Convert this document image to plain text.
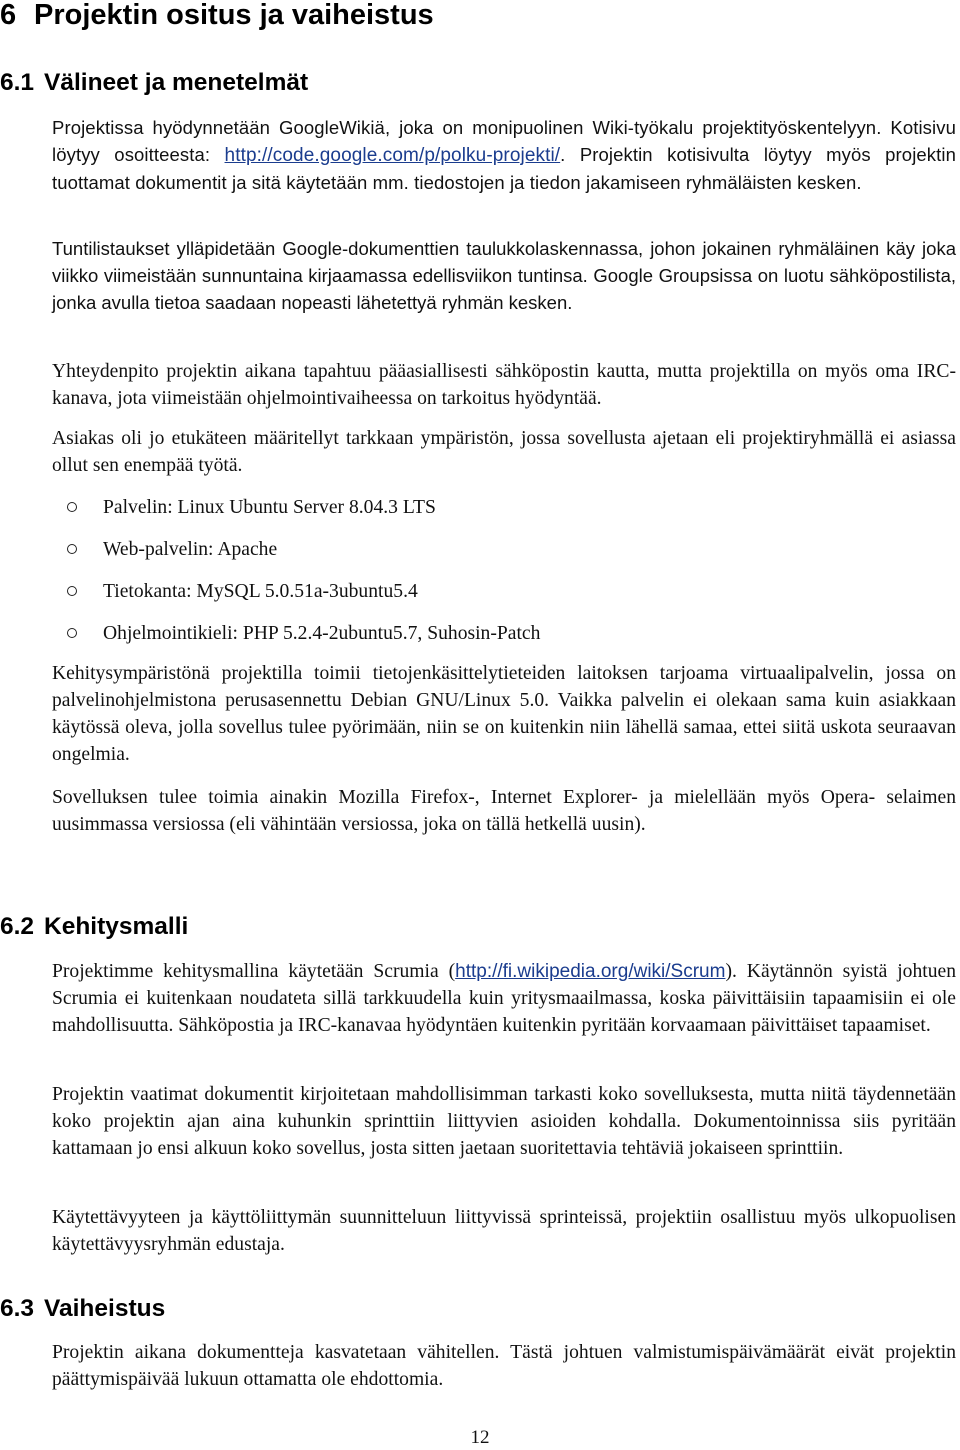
6 Projektin ositus ja vaiheistus
6.1 Välineet ja menetelmät

Projektissa hyödynnetään GoogleWikiä, joka on monipuolinen Wiki-työkalu projektityöskentelyyn. Kotisivu löytyy osoitteesta: http://code.google.com/p/polku-projekti/. Projektin kotisivulta löytyy myös projektin tuottamat dokumentit ja sitä käytetään mm. tiedostojen ja tiedon jakamiseen ryhmäläisten kesken.

Tuntilistaukset ylläpidetään Google-dokumenttien taulukkolaskennassa, johon jokainen ryhmäläinen käy joka viikko viimeistään sunnuntaina kirjaamassa edellisviikon tuntinsa. Google Groupsissa on luotu sähköpostilista, jonka avulla tietoa saadaan nopeasti lähetettyä ryhmän kesken.

Yhteydenpito projektin aikana tapahtuu pääasiallisesti sähköpostin kautta, mutta projektilla on myös oma IRC-kanava, jota viimeistään ohjelmointivaiheessa on tarkoitus hyödyntää.

Asiakas oli jo etukäteen määritellyt tarkkaan ympäristön, jossa sovellusta ajetaan eli projektiryhmällä ei asiassa ollut sen enempää työtä.

Palvelin: Linux Ubuntu Server 8.04.3 LTS
Web-palvelin: Apache
Tietokanta: MySQL 5.0.51a-3ubuntu5.4
Ohjelmointikieli: PHP 5.2.4-2ubuntu5.7, Suhosin-Patch

Kehitysympäristönä projektilla toimii tietojenkäsittelytieteiden laitoksen tarjoama virtuaalipalvelin, jossa on palvelinohjelmistona perusasennettu Debian GNU/Linux 5.0. Vaikka palvelin ei olekaan sama kuin asiakkaan käytössä oleva, jolla sovellus tulee pyörimään, niin se on kuitenkin niin lähellä samaa, ettei siitä uskota seuraavan ongelmia.

Sovelluksen tulee toimia ainakin Mozilla Firefox-, Internet Explorer- ja mielellään myös Opera- selaimen uusimmassa versiossa (eli vähintään versiossa, joka on tällä hetkellä uusin).

6.2 Kehitysmalli

Projektimme kehitysmallina käytetään Scrumia (http://fi.wikipedia.org/wiki/Scrum). Käytännön syistä johtuen Scrumia ei kuitenkaan noudateta sillä tarkkuudella kuin yritysmaailmassa, koska päivittäisiin tapaamisiin ei ole mahdollisuutta. Sähköpostia ja IRC-kanavaa hyödyntäen kuitenkin pyritään korvaamaan päivittäiset tapaamiset.

Projektin vaatimat dokumentit kirjoitetaan mahdollisimman tarkasti koko sovelluksesta, mutta niitä täydennetään koko projektin ajan aina kuhunkin sprinttiin liittyvien asioiden kohdalla. Dokumentoinnissa siis pyritään kattamaan jo ensi alkuun koko sovellus, josta sitten jaetaan suoritettavia tehtäviä jokaiseen sprinttiin.

Käytettävyyteen ja käyttöliittymän suunnitteluun liittyvissä sprinteissä, projektiin osallistuu myös ulkopuolisen käytettävyysryhmän edustaja.

6.3 Vaiheistus

Projektin aikana dokumentteja kasvatetaan vähitellen. Tästä johtuen valmistumispäivämäärät eivät projektin päättymispäivää lukuun ottamatta ole ehdottomia.

12
